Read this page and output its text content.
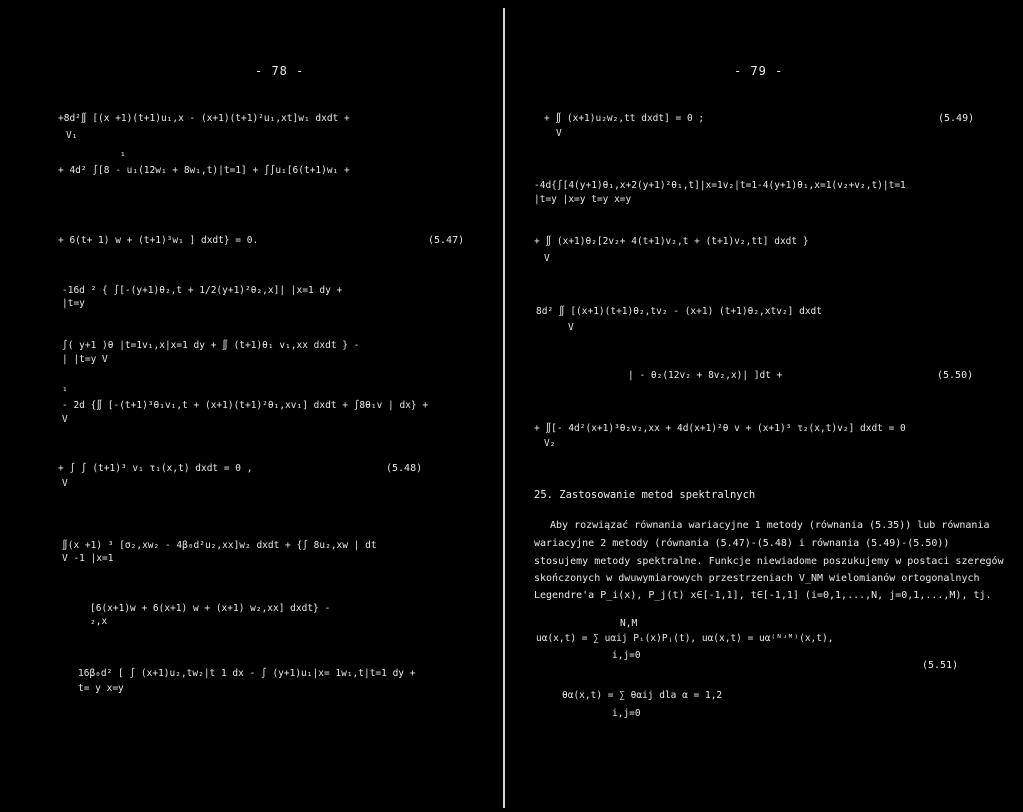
- 78 -
+8d²∬ [(x +1)(t+1)u₁,x - (x+1)(t+1)²u₁,xt]w₁ dxdt +
V₁
₁
+ 4d² ∫[8 - u₁(12w₁ + 8w₁,t)|t=1] + ∫∫u₁[6(t+1)w₁ +
+ 6(t+ 1) w + (t+1)³w₁ ] dxdt} = 0.	(5.47)
-16d ² { ∫[-(y+1)θ₂,t + 1/2(y+1)²θ₂,x]| |x=1 dy +
|t=y
∫( y+1 )θ |t=1v₁,x|x=1 dy + ∬ (t+1)θ₁ v₁,xx dxdt } -
| |t=y V
₁
- 2d {∬ [-(t+1)³θ₁v₁,t + (x+1)(t+1)²θ₁,xv₁] dxdt + ∫8θ₁v | dx} +
V
+ ∫ ∫ (t+1)³ v₁ τ₁(x,t) dxdt = 0 ,	(5.48)
V
∬(x +1) ³ [σ₂,xw₂ - 4β₀d²u₂,xx]w₂ dxdt + {∫ 8u₂,xw | dt
V -1 |x=1
[6(x+1)w + 6(x+1) w + (x+1) w₂,xx] dxdt} -
₂,x
16β₀d² [ ∫ (x+1)u₂,tw₂|t 1 dx - ∫ (y+1)u₁|x= 1w₁,t|t=1 dy +
t= y x=y
- 79 -
+ ∬ (x+1)u₂w₂,tt dxdt] = 0 ;	(5.49)
V
-4d{∫[4(y+1)θ₁,x+2(y+1)²θ₁,t]|x=1v₂|t=1-4(y+1)θ₁,x=1(v₂+v₂,t)|t=1
|t=y |x=y t=y x=y
+ ∬ (x+1)θ₂[2v₂+ 4(t+1)v₂,t + (t+1)v₂,tt] dxdt }
V
8d² ∬ [(x+1)(t+1)θ₂,tv₂ - (x+1) (t+1)θ₂,xtv₂] dxdt
V
| - θ₂(12v₂ + 8v₂,x)| ]dt +	(5.50)
+ ∬[- 4d²(x+1)³θ₂v₂,xx + 4d(x+1)²θ v + (x+1)³ τ₂(x,t)v₂] dxdt = 0
V₂
25. Zastosowanie metod spektralnych
Aby rozwiązać równania wariacyjne 1 metody (równania (5.35)) lub równania
wariacyjne 2 metody (równania (5.47)-(5.48) i równania (5.49)-(5.50))
stosujemy metody spektralne. Funkcje niewiadome poszukujemy w postaci szeregów
skończonych w dwuwymiarowych przestrzeniach V_NM wielomianów ortogonalnych
Legendre'a P_i(x), P_j(t) x∈[-1,1], t∈[-1,1] (i=0,1,...,N, j=0,1,...,M), tj.
N,M
uα(x,t) = ∑ uαij Pᵢ(x)Pⱼ(t), uα(x,t) = uα⁽ᴺʴᴹ⁾(x,t),
i,j=0
(5.51)
θα(x,t) = ∑ θαij dla α = 1,2
i,j=0
